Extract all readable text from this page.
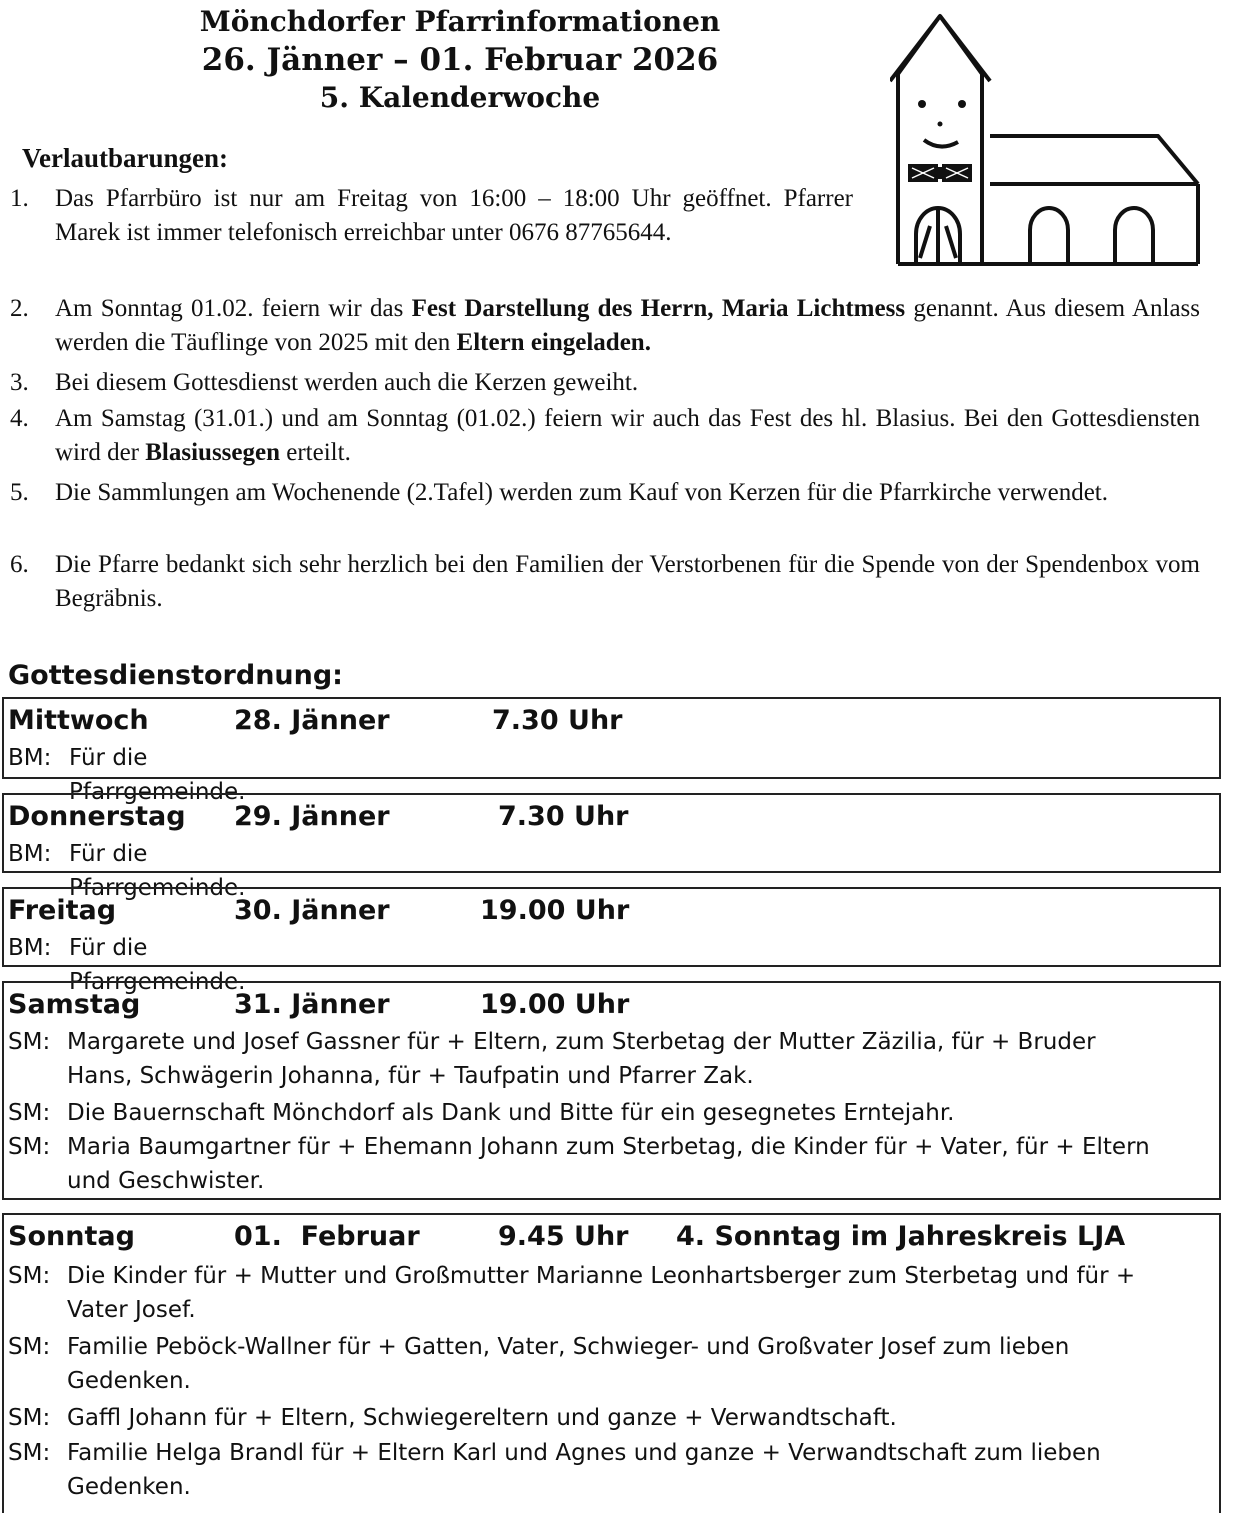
Mönchdorfer Pfarrinformationen
26. Jänner – 01. Februar 2026
5. Kalenderwoche
Verlautbarungen:
1.	Das Pfarrbüro ist nur am Freitag von 16:00 – 18:00 Uhr geöffnet. Pfarrer Marek ist immer telefonisch erreichbar unter 0676 87765644.
2.	Am Sonntag 01.02. feiern wir das Fest Darstellung des Herrn, Maria Lichtmess genannt. Aus diesem Anlass werden die Täuflinge von 2025 mit den Eltern eingeladen.
3.	Bei diesem Gottesdienst werden auch die Kerzen geweiht.
4.	Am Samstag (31.01.) und am Sonntag (01.02.) feiern wir auch das Fest des hl. Blasius. Bei den Gottesdiensten wird der Blasiussegen erteilt.
5.	Die Sammlungen am Wochenende (2.Tafel) werden zum Kauf von Kerzen für die Pfarrkirche verwendet.
6.	Die Pfarre bedankt sich sehr herzlich bei den Familien der Verstorbenen für die Spende von der Spendenbox vom Begräbnis.
Gottesdienstordnung:
Mittwoch	28. Jänner	7.30 Uhr
BM: Für die Pfarrgemeinde.
Donnerstag 29. Jänner	7.30 Uhr
BM: Für die Pfarrgemeinde.
Freitag	30. Jänner	19.00 Uhr
BM: Für die Pfarrgemeinde.
Samstag	31. Jänner	19.00 Uhr
SM: Margarete und Josef Gassner für + Eltern, zum Sterbetag der Mutter Zäzilia, für + Bruder Hans, Schwägerin Johanna, für + Taufpatin und Pfarrer Zak.
SM: Die Bauernschaft Mönchdorf als Dank und Bitte für ein gesegnetes Erntejahr.
SM: Maria Baumgartner für + Ehemann Johann zum Sterbetag, die Kinder für + Vater, für + Eltern und Geschwister.
Sonntag	01.  Februar	9.45 Uhr 4. Sonntag im Jahreskreis LJA
SM: Die Kinder für + Mutter und Großmutter Marianne Leonhartsberger zum Sterbetag und für + Vater Josef.
SM: Familie Peböck-Wallner für + Gatten, Vater, Schwieger- und Großvater Josef zum lieben Gedenken.
SM: Gaffl Johann für + Eltern, Schwiegereltern und ganze + Verwandtschaft.
SM: Familie Helga Brandl für + Eltern Karl und Agnes und ganze + Verwandtschaft zum lieben Gedenken.
